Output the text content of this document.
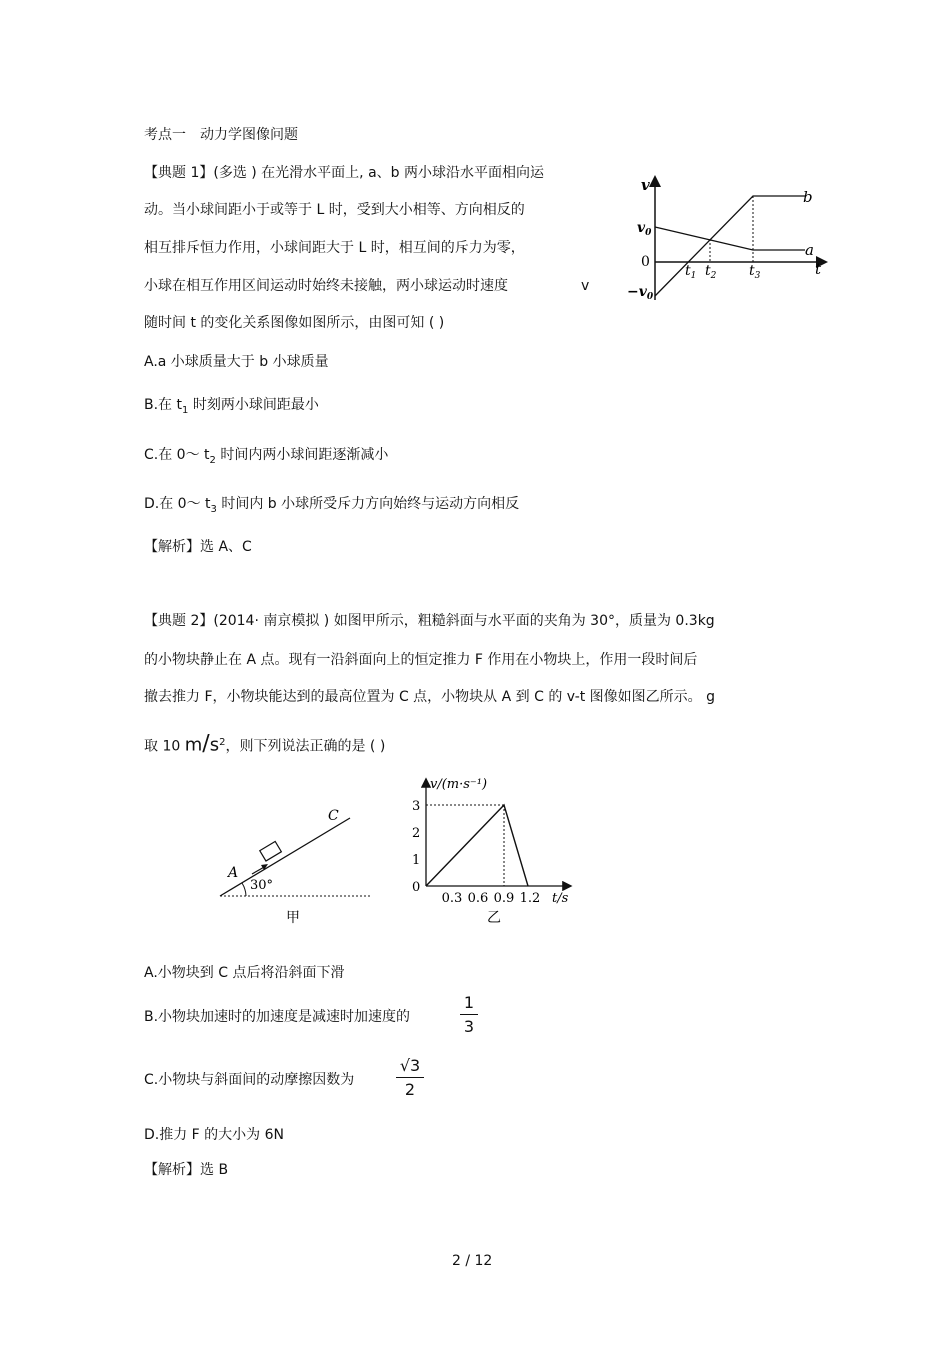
考点一　动力学图像问题
【典题 1】(多选 ) 在光滑水平面上, a、b 两小球沿水平面相向运
动。当小球间距小于或等于 L 时，受到大小相等、方向相反的
相互排斥恒力作用，小球间距大于 L 时，相互间的斥力为零，
小球在相互作用区间运动时始终未接触，两小球运动时速度	v
随时间 t 的变化关系图像如图所示，由图可知 ( )
A.a 小球质量大于 b 小球质量
B.在 $t_1$ 时刻两小球间距最小
C.在 0～ $t_2$ 时间内两小球间距逐渐减小
D.在 0～ $t_3$ 时间内 b 小球所受斥力方向始终与运动方向相反
【解析】选 A、C
v
t
$v_0$
0
$-v_0$
a
b
$t_1$ $t_2$ $t_3$
【典题 2】(2014· 南京模拟 ) 如图甲所示，粗糙斜面与水平面的夹角为 30°，质量为 0.3kg
的小物块静止在 A 点。现有一沿斜面向上的恒定推力 F 作用在小物块上，作用一段时间后
撤去推力 F，小物块能达到的最高位置为 C 点，小物块从 A 到 C 的 v-t 图像如图乙所示。 g
取 10 $m/s^2$，则下列说法正确的是 ( )
C
A
30°
甲
v/(m·s⁻¹)
3
2
1
0
0.3 0.6 0.9 1.2 t/s
乙
A.小物块到 C 点后将沿斜面下滑
B.小物块加速时的加速度是减速时加速度的
1
3
C.小物块与斜面间的动摩擦因数为
√3
2
D.推力 F 的大小为 6N
【解析】选 B
2 / 12
